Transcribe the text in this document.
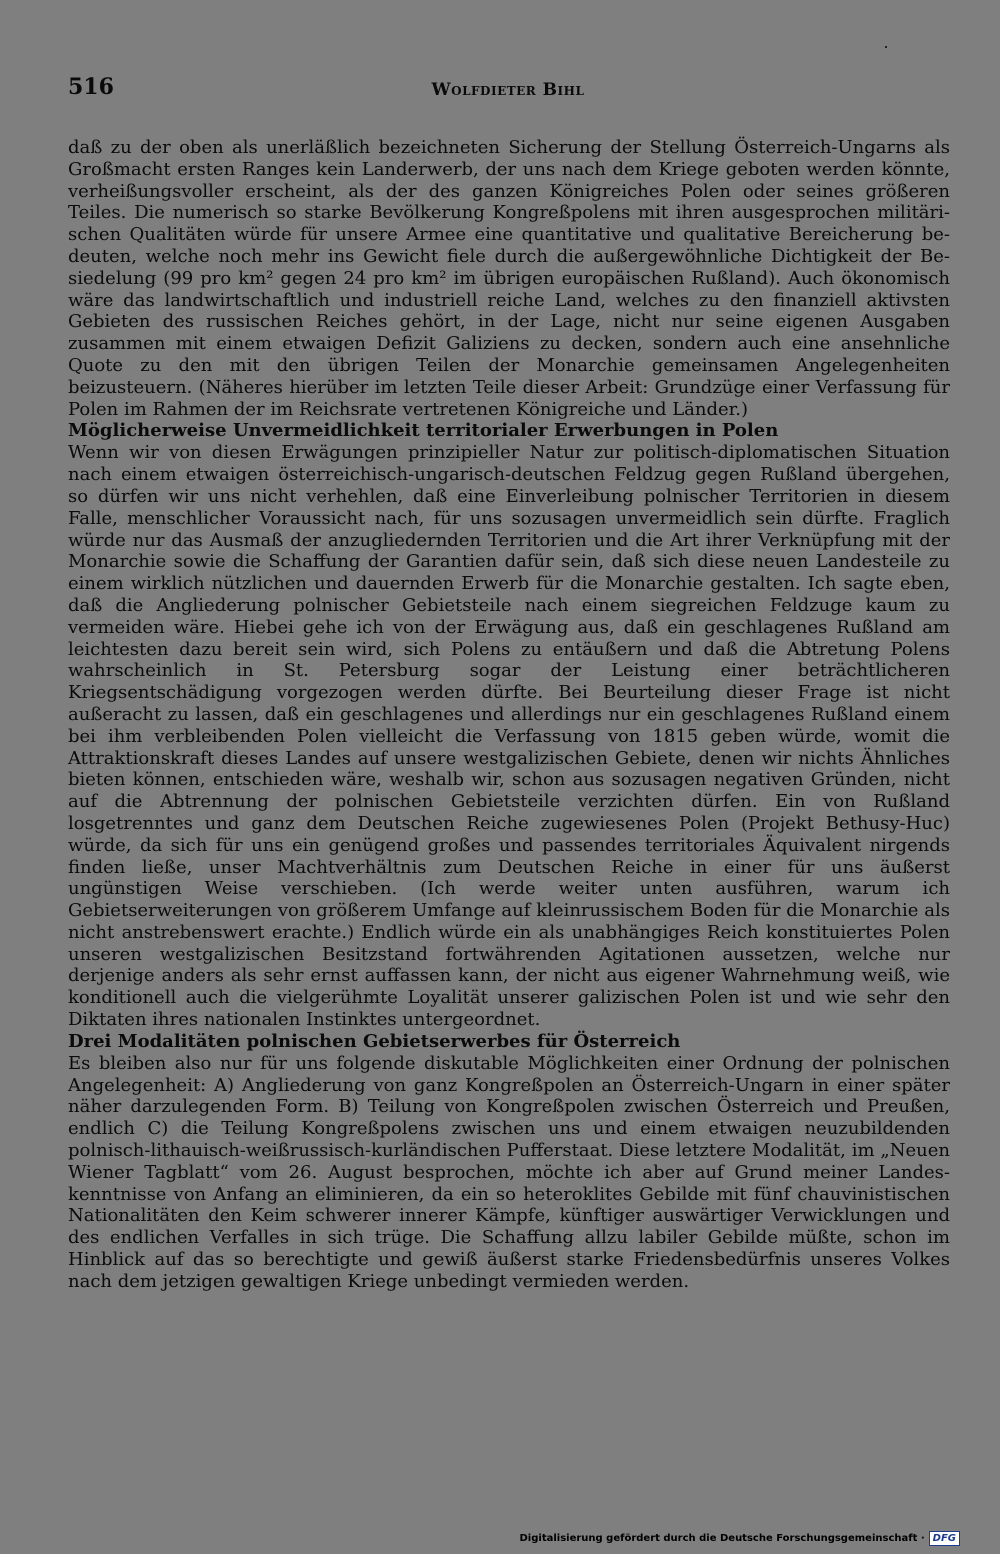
516	Wolfdieter Bihl

daß zu der oben als unerläßlich bezeichneten Sicherung der Stellung Österreich-Ungarns als Großmacht ersten Ranges kein Landerwerb, der uns nach dem Kriege geboten werden könnte, verheißungsvoller erscheint, als der des ganzen Königreiches Polen oder seines größeren Teiles. Die numerisch so starke Bevölkerung Kongreßpolens mit ihren ausgesprochen militärischen Qualitäten würde für unsere Armee eine quantitative und qualitative Bereicherung bedeuten, welche noch mehr ins Gewicht fiele durch die außergewöhnliche Dichtigkeit der Besiedelung (99 pro km² gegen 24 pro km² im übrigen europäischen Rußland). Auch ökonomisch wäre das landwirtschaftlich und industriell reiche Land, welches zu den finanziell aktivsten Gebieten des russischen Reiches gehört, in der Lage, nicht nur seine eigenen Ausgaben zusammen mit einem etwaigen Defizit Galiziens zu decken, sondern auch eine ansehnliche Quote zu den mit den übrigen Teilen der Monarchie gemeinsamen Angelegenheiten beizusteuern. (Näheres hierüber im letzten Teile dieser Arbeit: Grundzüge einer Verfassung für Polen im Rahmen der im Reichsrate vertretenen Königreiche und Länder.)

Möglicherweise Unvermeidlichkeit territorialer Erwerbungen in Polen

Wenn wir von diesen Erwägungen prinzipieller Natur zur politisch-diplomatischen Situation nach einem etwaigen österreichisch-ungarisch-deutschen Feldzug gegen Rußland übergehen, so dürfen wir uns nicht verhehlen, daß eine Einverleibung polnischer Territorien in diesem Falle, menschlicher Voraussicht nach, für uns sozusagen unvermeidlich sein dürfte. Fraglich würde nur das Ausmaß der anzugliedernden Territorien und die Art ihrer Verknüpfung mit der Monarchie sowie die Schaffung der Garantien dafür sein, daß sich diese neuen Landesteile zu einem wirklich nützlichen und dauernden Erwerb für die Monarchie gestalten. Ich sagte eben, daß die Angliederung polnischer Gebietsteile nach einem siegreichen Feldzuge kaum zu vermeiden wäre. Hiebei gehe ich von der Erwägung aus, daß ein geschlagenes Rußland am leichtesten dazu bereit sein wird, sich Polens zu entäußern und daß die Abtretung Polens wahrscheinlich in St. Petersburg sogar der Leistung einer beträchtlicheren Kriegsentschädigung vorgezogen werden dürfte. Bei Beurteilung dieser Frage ist nicht außeracht zu lassen, daß ein geschlagenes und allerdings nur ein geschlagenes Rußland einem bei ihm verbleibenden Polen vielleicht die Verfassung von 1815 geben würde, womit die Attraktionskraft dieses Landes auf unsere westgalizischen Gebiete, denen wir nichts Ähnliches bieten können, entschieden wäre, weshalb wir, schon aus sozusagen negativen Gründen, nicht auf die Abtrennung der polnischen Gebietsteile verzichten dürfen. Ein von Rußland losgetrenntes und ganz dem Deutschen Reiche zugewiesenes Polen (Projekt Bethusy-Huc) würde, da sich für uns ein genügend großes und passendes territoriales Äquivalent nirgends finden ließe, unser Machtverhältnis zum Deutschen Reiche in einer für uns äußerst ungünstigen Weise verschieben. (Ich werde weiter unten ausführen, warum ich Gebietserweiterungen von größerem Umfange auf kleinrussischem Boden für die Monarchie als nicht anstrebenswert erachte.) Endlich würde ein als unabhängiges Reich konstituiertes Polen unseren westgalizischen Besitzstand fortwährenden Agitationen aussetzen, welche nur derjenige anders als sehr ernst auffassen kann, der nicht aus eigener Wahrnehmung weiß, wie konditionell auch die vielgerühmte Loyalität unserer galizischen Polen ist und wie sehr den Diktaten ihres nationalen Instinktes untergeordnet.

Drei Modalitäten polnischen Gebietserwerbes für Österreich

Es bleiben also nur für uns folgende diskutable Möglichkeiten einer Ordnung der polnischen Angelegenheit: A) Angliederung von ganz Kongreßpolen an Österreich-Ungarn in einer später näher darzulegenden Form. B) Teilung von Kongreßpolen zwischen Österreich und Preußen, endlich C) die Teilung Kongreßpolens zwischen uns und einem etwaigen neuzubildenden polnisch-lithauisch-weißrussisch-kurländischen Pufferstaat. Diese letztere Modalität, im „Neuen Wiener Tagblatt“ vom 26. August besprochen, möchte ich aber auf Grund meiner Landeskenntnisse von Anfang an eliminieren, da ein so heteroklites Gebilde mit fünf chauvinistischen Nationalitäten den Keim schwerer innerer Kämpfe, künftiger auswärtiger Verwicklungen und des endlichen Verfalles in sich trüge. Die Schaffung allzu labiler Gebilde müßte, schon im Hinblick auf das so berechtigte und gewiß äußerst starke Friedensbedürfnis unseres Volkes nach dem jetzigen gewaltigen Kriege unbedingt vermieden werden.

Digitalisierung gefördert durch die Deutsche Forschungsgemeinschaft · DFG
